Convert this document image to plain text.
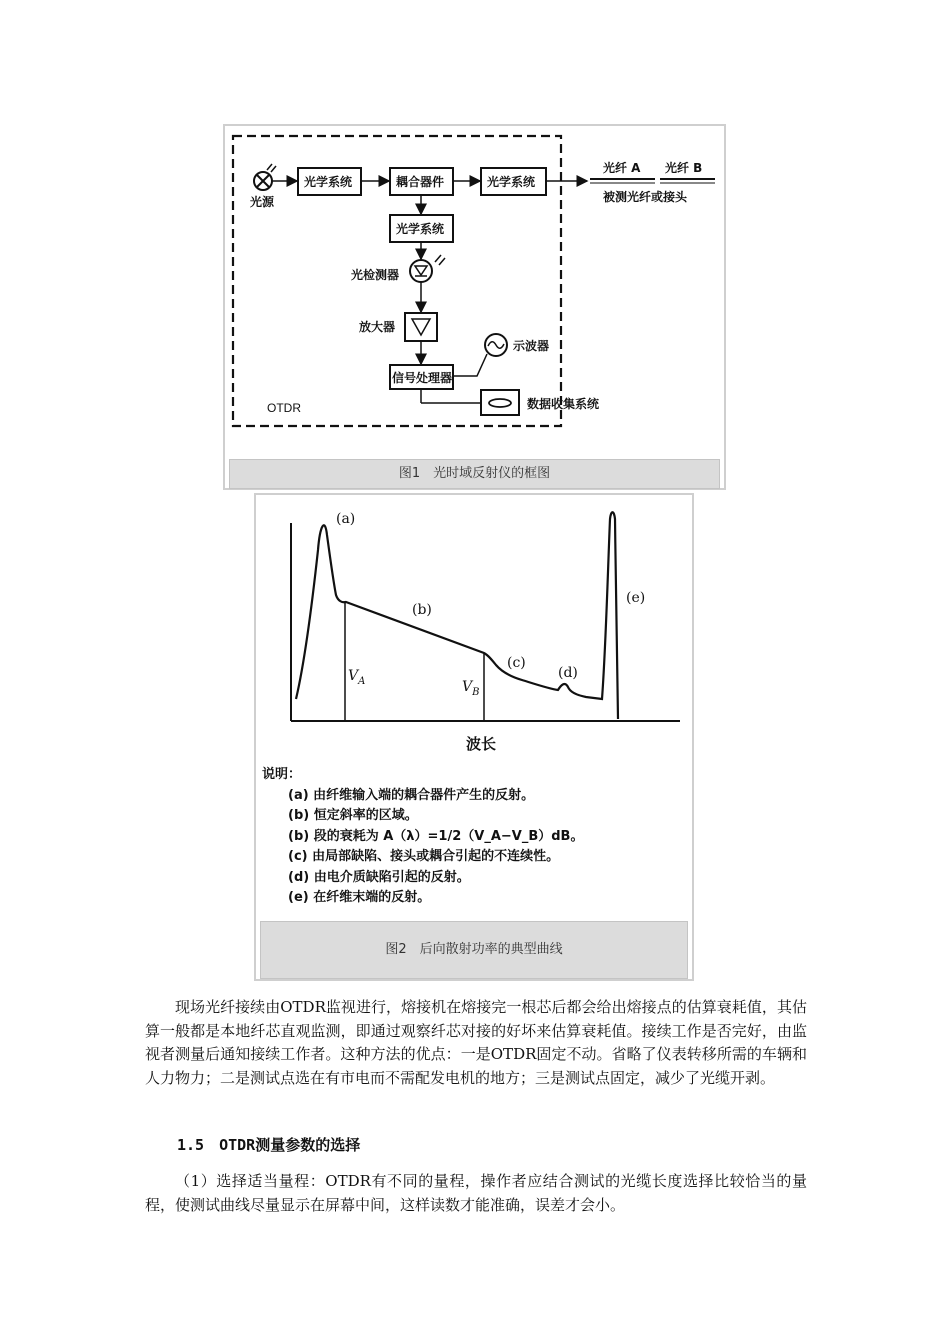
光源
光学系统	耦合器件	光学系统
光纤 A 光纤 B
被测光纤或接头
光学系统
光检测器
放大器
信号处理器
示波器
数据收集系统
OTDR
图1　光时域反射仪的框图
(a)
(b)
(c)
(d)
(e)
$V_A$	$V_B$
波长
说明：
(a) 由纤维输入端的耦合器件产生的反射。
(b) 恒定斜率的区域。
(b) 段的衰耗为 A（λ）=1/2（V_A−V_B）dB。
(c) 由局部缺陷、接头或耦合引起的不连续性。
(d) 由电介质缺陷引起的反射。
(e) 在纤维末端的反射。
图2　后向散射功率的典型曲线
现场光纤接续由OTDR监视进行，熔接机在熔接完一根芯后都会给出熔接点的估算衰耗值，其估算一般都是本地纤芯直观监测，即通过观察纤芯对接的好坏来估算衰耗值。接续工作是否完好，由监视者测量后通知接续工作者。这种方法的优点：一是OTDR固定不动。省略了仪表转移所需的车辆和人力物力；二是测试点选在有市电而不需配发电机的地方；三是测试点固定，减少了光缆开剥。
1.5　OTDR测量参数的选择
（1）选择适当量程：OTDR有不同的量程，操作者应结合测试的光缆长度选择比较恰当的量程，使测试曲线尽量显示在屏幕中间，这样读数才能准确，误差才会小。
